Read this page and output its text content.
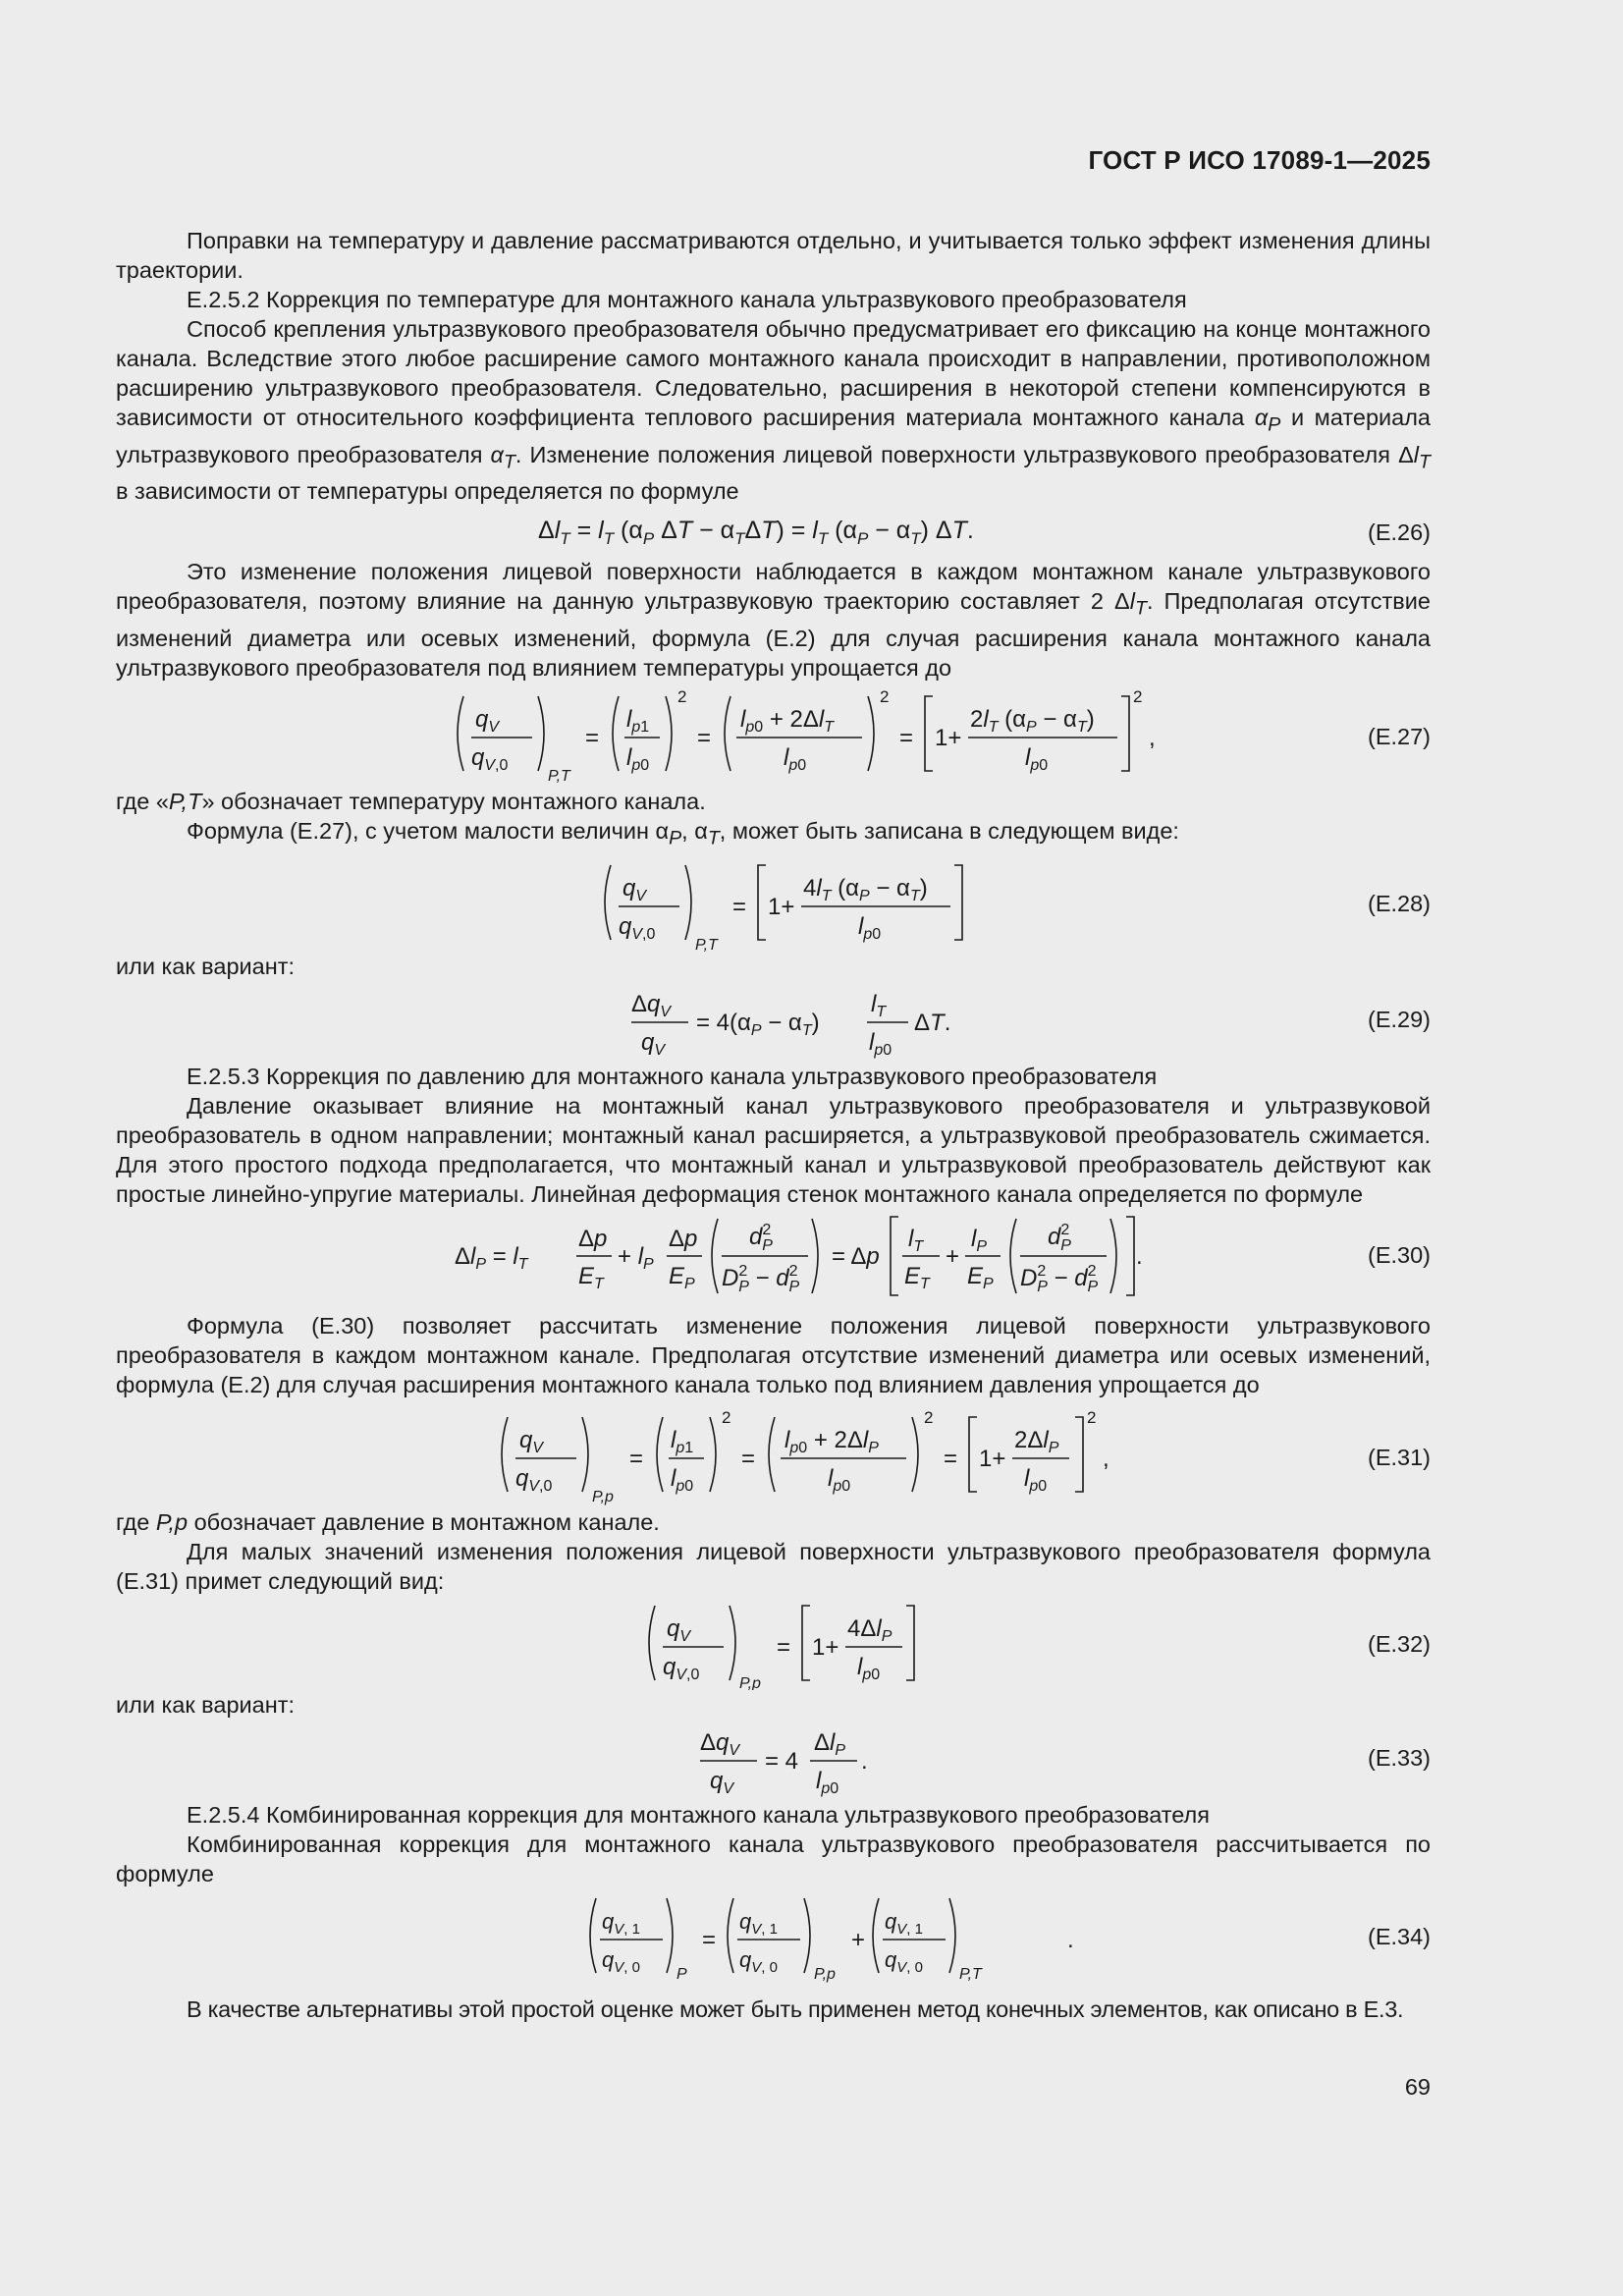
ГОСТ Р ИСО 17089-1—2025

Поправки на температуру и давление рассматриваются отдельно, и учитывается только эффект изменения длины траектории.

Е.2.5.2 Коррекция по температуре для монтажного канала ультразвукового преобразователя

Способ крепления ультразвукового преобразователя обычно предусматривает его фиксацию на конце монтажного канала. Вследствие этого любое расширение самого монтажного канала происходит в направлении, противоположном расширению ультразвукового преобразователя. Следовательно, расширения в некоторой степени компенсируются в зависимости от относительного коэффициента теплового расширения материала монтажного канала $\alpha_P$ и материала ультразвукового преобразователя $\alpha_T$. Изменение положения лицевой поверхности ультразвукового преобразователя $\Delta l_T$ в зависимости от температуры определяется по формуле

$\Delta l_T = l_T$ ($\alpha_P$ $\Delta T - \alpha_T\Delta T) = l_T$ $(\alpha_P - \alpha_T)$ ΔT.	(Е.26)

Это изменение положения лицевой поверхности наблюдается в каждом монтажном канале ультразвукового преобразователя, поэтому влияние на данную ультразвуковую траекторию составляет 2 $\Delta l_T$. Предполагая отсутствие изменений диаметра или осевых изменений, формула (Е.2) для случая расширения канала монтажного канала ультразвукового преобразователя под влиянием температуры упрощается до

$q_V$
$q_{V,0}$
P,T
=
$l_{p1}$
$l_{p0}$
2
=
$l_{p0} + 2\Delta l_T$
$l_{p0}$
2
= 1+
$2l_T$ $(\alpha_P - \alpha_T)$
$l_{p0}$
2
,	(Е.27)

где «P,T» обозначает температуру монтажного канала.

Формула (Е.27), с учетом малости величин $\alpha_P$, $\alpha_T$, может быть записана в следующем виде:

$q_V$
$q_{V,0}$
P,T
= 1+
$4l_T$ $(\alpha_P - \alpha_T)$
$l_{p0}$
(Е.28)

или как вариант:

$\Delta q_V$
$q_V$
= $4(\alpha_P - \alpha_T)$
$l_T$
$l_{p0}$
ΔT.	(Е.29)

Е.2.5.3 Коррекция по давлению для монтажного канала ультразвукового преобразователя

Давление оказывает влияние на монтажный канал ультразвукового преобразователя и ультразвуковой преобразователь в одном направлении; монтажный канал расширяется, а ультразвуковой преобразователь сжимается. Для этого простого подхода предполагается, что монтажный канал и ультразвуковой преобразователь действуют как простые линейно-упругие материалы. Линейная деформация стенок монтажного канала определяется по формуле

$\Delta l_P = l_T$
Δp
$E_T$
+ $l_P$
Δp
$E_P$
$d^2$ P
$D^2$ $P - d^2$ P
= Δp
$l_T$
$E_T$
+
$l_P$
$E_P$
$d^2$ P
$D^2$ $P - d^2$ P
.	(Е.30)

Формула (Е.30) позволяет рассчитать изменение положения лицевой поверхности ультразвукового преобразователя в каждом монтажном канале. Предполагая отсутствие изменений диаметра или осевых изменений, формула (Е.2) для случая расширения монтажного канала только под влиянием давления упрощается до

$q_V$
$q_{V,0}$
P,p
=
$l_{p1}$
$l_{p0}$
2
=
$l_{p0} + 2\Delta l_P$
$l_{p0}$
2
= 1+
$2\Delta l_P$
$l_{p0}$
2
,	(Е.31)

где P,p обозначает давление в монтажном канале.

Для малых значений изменения положения лицевой поверхности ультразвукового преобразователя формула (Е.31) примет следующий вид:

$q_V$
$q_{V,0}$
P,p
= 1+
$4\Delta l_P$
$l_{p0}$
(Е.32)

или как вариант:

$\Delta q_V$
$q_V$
= 4
$\Delta l_P$
$l_{p0}$
.	(Е.33)

Е.2.5.4 Комбинированная коррекция для монтажного канала ультразвукового преобразователя

Комбинированная коррекция для монтажного канала ультразвукового преобразователя рассчитывается по формуле

$q_{V, 1}$
$q_{V, 0}$ P
=
$q_{V, 1}$
$q_{V, 0}$ P,p
+
$q_{V, 1}$
$q_{V, 0}$ P,T
.	(Е.34)

В качестве альтернативы этой простой оценке может быть применен метод конечных элементов, как описано в Е.3.

69
